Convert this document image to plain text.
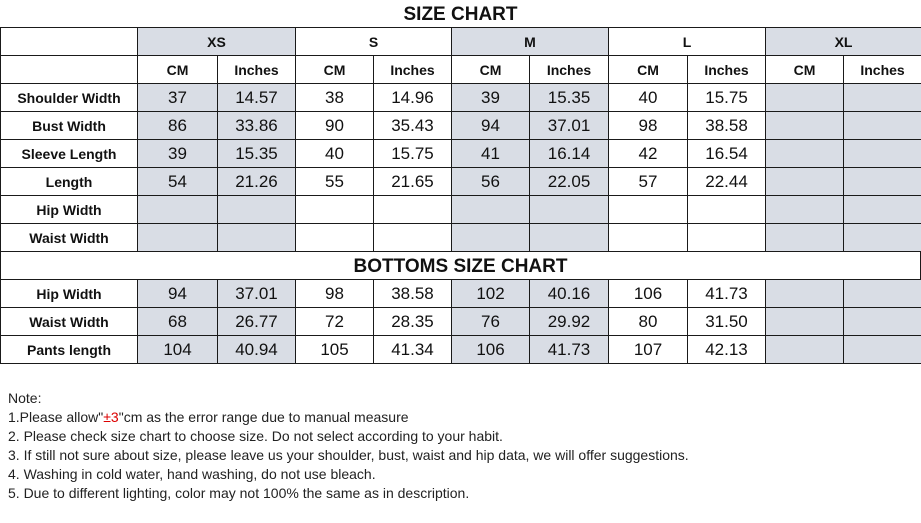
SIZE CHART
	XS		S		M		L		XL	
	CM	Inches	CM	Inches	CM	Inches	CM	Inches	CM	Inches
Shoulder Width	37	14.57	38	14.96	39	15.35	40	15.75		
Bust Width	86	33.86	90	35.43	94	37.01	98	38.58		
Sleeve Length	39	15.35	40	15.75	41	16.14	42	16.54		
Length	54	21.26	55	21.65	56	22.05	57	22.44		
Hip Width										
Waist Width										
BOTTOMS SIZE CHART
Hip Width	94	37.01	98	38.58	102	40.16	106	41.73		
Waist Width	68	26.77	72	28.35	76	29.92	80	31.50		
Pants length	104	40.94	105	41.34	106	41.73	107	42.13		
Note:
1.Please allow"±3"cm as the error range due to manual measure
2. Please check size chart to choose size. Do not select according to your habit.
3. If still not sure about size, please leave us your shoulder, bust, waist and hip data, we will offer suggestions.
4. Washing in cold water, hand washing, do not use bleach.
5. Due to different lighting, color may not 100% the same as in description.
